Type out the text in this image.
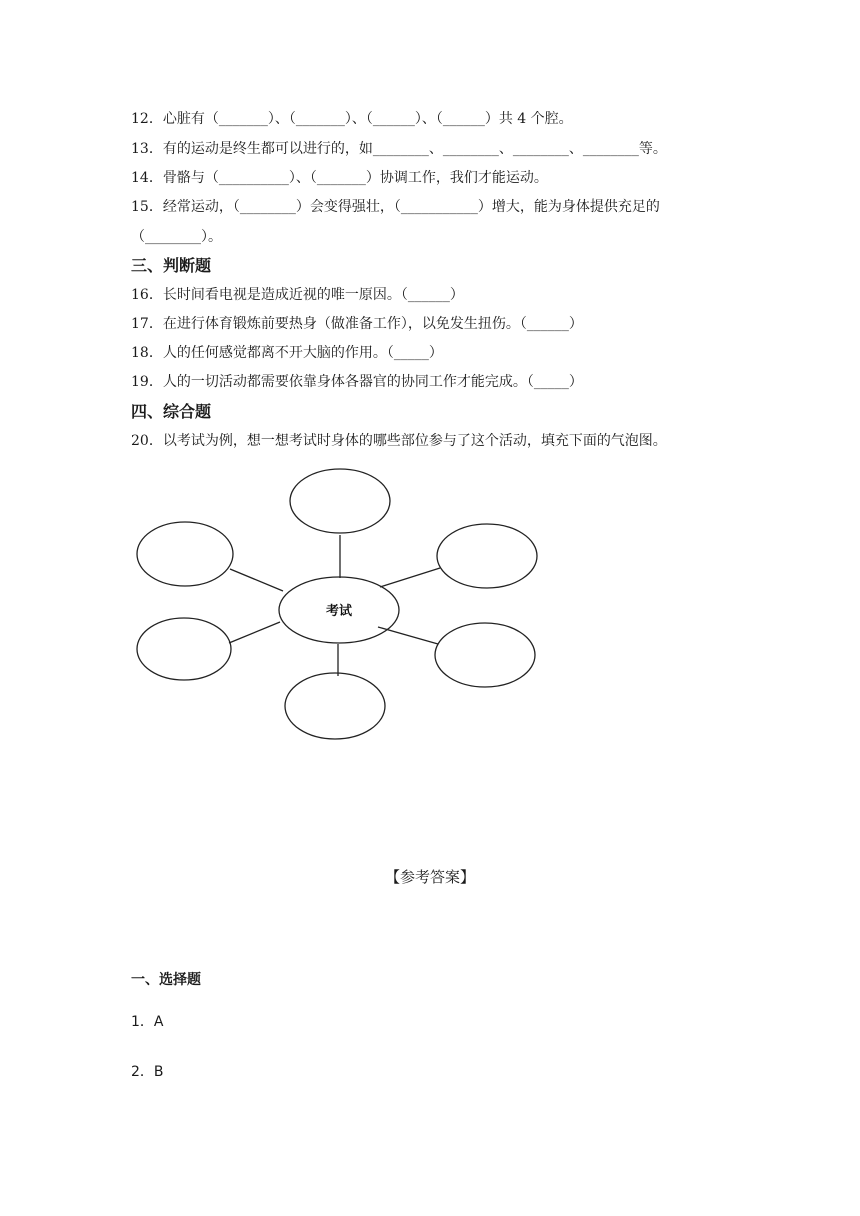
12．心脏有（_______）、（_______）、（______）、（______）共 4 个腔。
13．有的运动是终生都可以进行的，如________、________、________、________等。
14．骨骼与（__________）、（_______）协调工作，我们才能运动。
15．经常运动，（________）会变得强壮，（___________）增大，能为身体提供充足的
（________）。
三、判断题
16．长时间看电视是造成近视的唯一原因。（______）
17．在进行体育锻炼前要热身（做准备工作），以免发生扭伤。（______）
18．人的任何感觉都离不开大脑的作用。（_____）
19．人的一切活动都需要依靠身体各器官的协同工作才能完成。（_____）
四、综合题
20．以考试为例，想一想考试时身体的哪些部位参与了这个活动，填充下面的气泡图。
考试
【参考答案】
一、选择题
1．A
2．B
